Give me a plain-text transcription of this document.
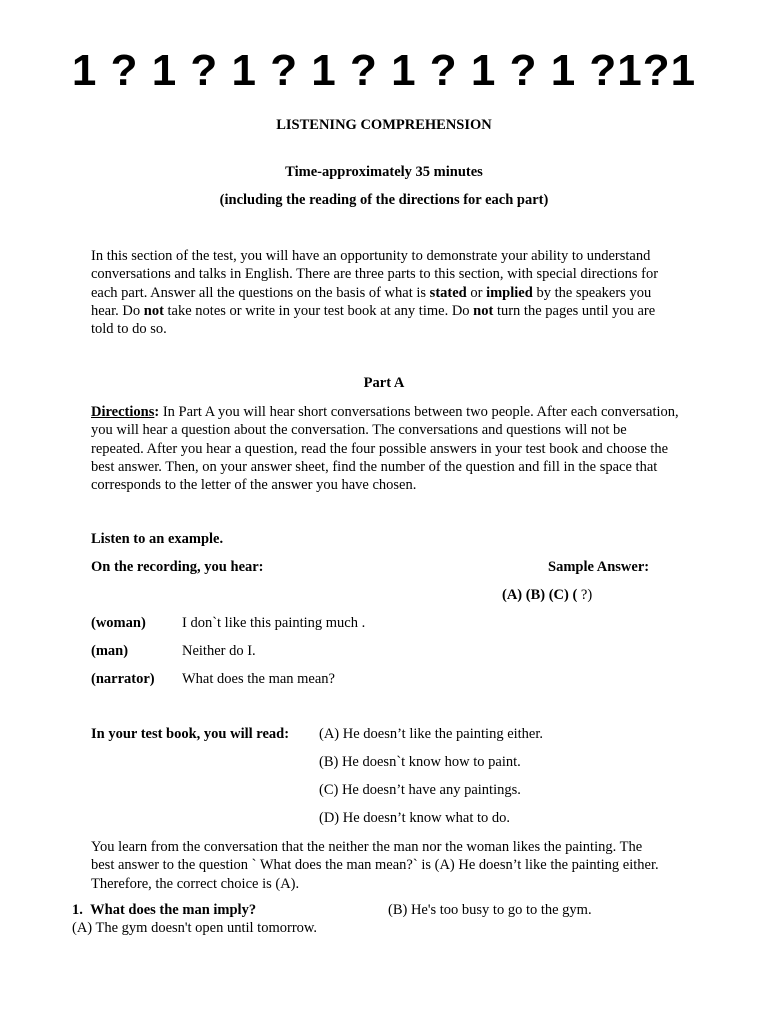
1 ? 1 ? 1 ? 1 ? 1 ? 1 ? 1 ?1?1
LISTENING COMPREHENSION
Time-approximately 35 minutes
(including the reading of the directions for each part)
In this section of the test, you will have an opportunity to demonstrate your ability to understand conversations and talks in English. There are three parts to this section, with special directions for each part. Answer all the questions on the basis of what is stated or implied by the speakers you hear. Do not take notes or write in your test book at any time. Do not turn the pages until you are told to do so.
Part A
Directions: In Part A you will hear short conversations between two people. After each conversation, you will hear a question about the conversation. The conversations and questions will not be repeated. After you hear a question, read the four possible answers in your test book and choose the best answer. Then, on your answer sheet, find the number of the question and fill in the space that corresponds to the letter of the answer you have chosen.
Listen to an example.
On the recording, you hear:	Sample Answer:
(A) (B) (C) ( ?)
(woman) I don`t like this painting much .
(man)	Neither do I.
(narrator) What does the man mean?
In your test book, you will read: (A) He doesn’t like the painting either.
(B) He doesn`t know how to paint.
(C) He doesn’t have any paintings.
(D) He doesn’t know what to do.
You learn from the conversation that the neither the man nor the woman likes the painting. The best answer to the question ` What does the man mean?` is (A) He doesn’t like the painting either. Therefore, the correct choice is (A).
1. What does the man imply?	(B) He's too busy to go to the gym.
(A) The gym doesn't open until tomorrow.
